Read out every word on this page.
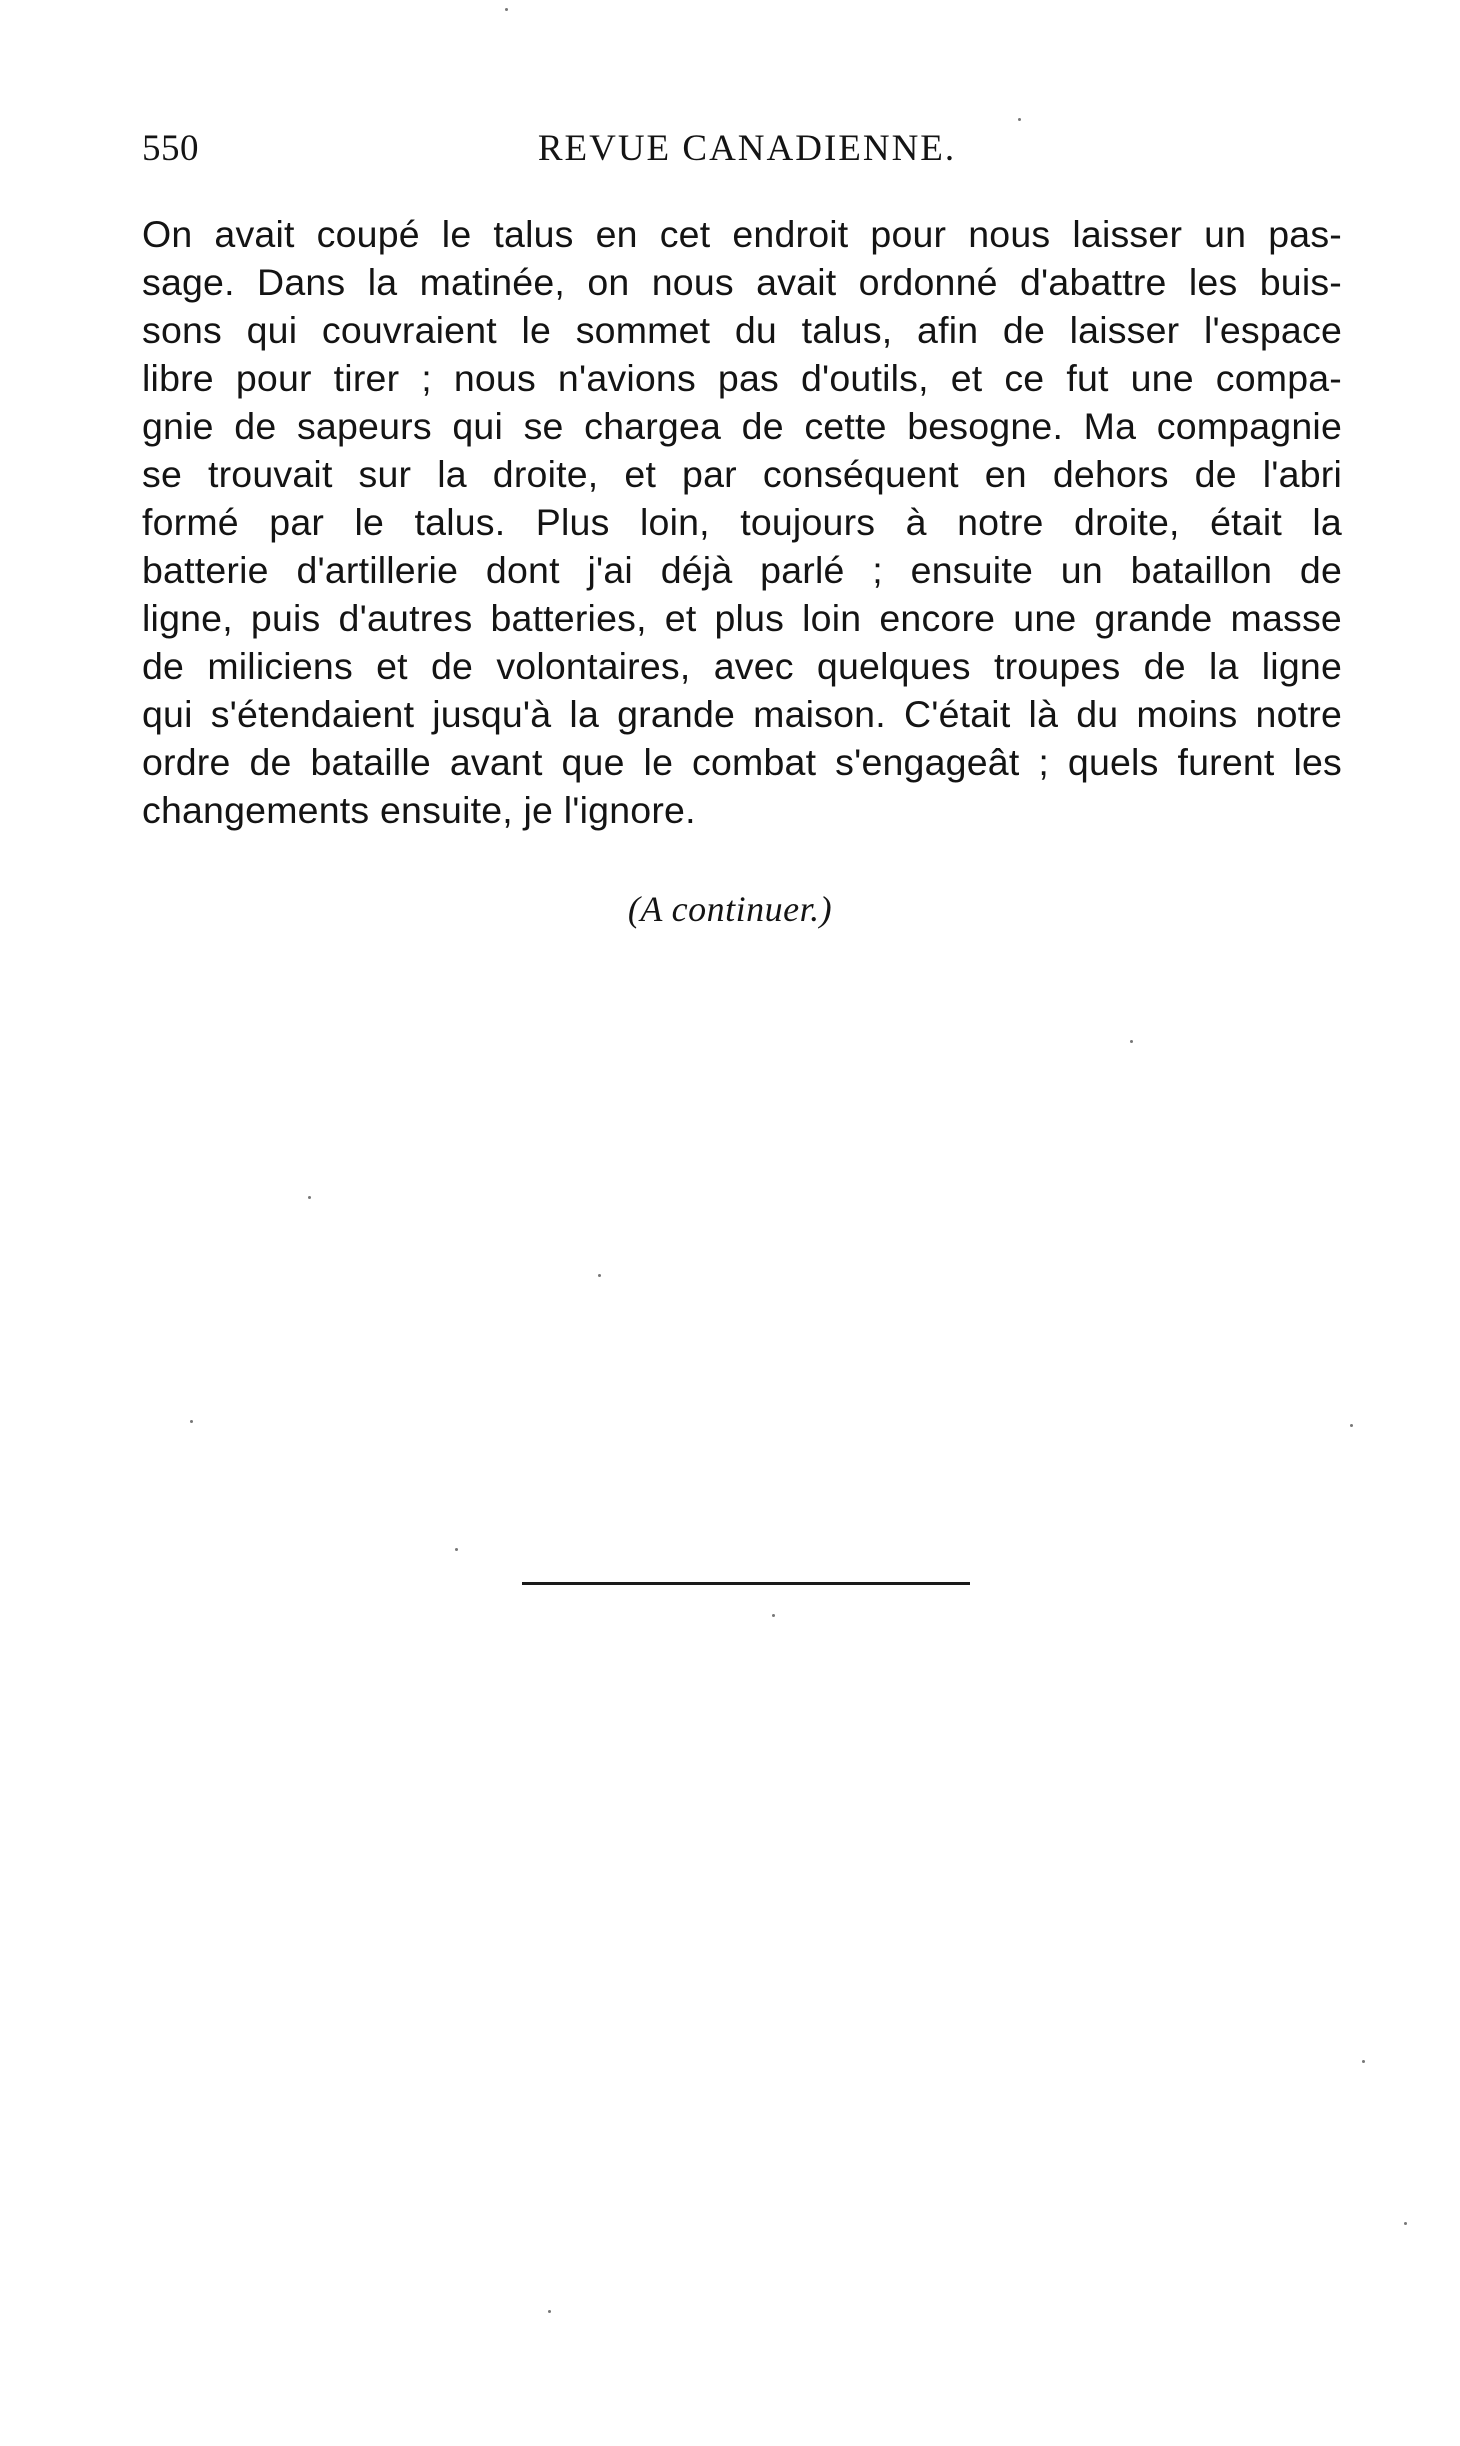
550	REVUE CANADIENNE.
On avait coupé le talus en cet endroit pour nous laisser un pas-
sage. Dans la matinée, on nous avait ordonné d'abattre les buis-
sons qui couvraient le sommet du talus, afin de laisser l'espace
libre pour tirer ; nous n'avions pas d'outils, et ce fut une compa-
gnie de sapeurs qui se chargea de cette besogne. Ma compagnie
se trouvait sur la droite, et par conséquent en dehors de l'abri
formé par le talus. Plus loin, toujours à notre droite, était la
batterie d'artillerie dont j'ai déjà parlé ; ensuite un bataillon de
ligne, puis d'autres batteries, et plus loin encore une grande masse
de miliciens et de volontaires, avec quelques troupes de la ligne
qui s'étendaient jusqu'à la grande maison. C'était là du moins notre
ordre de bataille avant que le combat s'engageât ; quels furent les
changements ensuite, je l'ignore.
(A continuer.)
